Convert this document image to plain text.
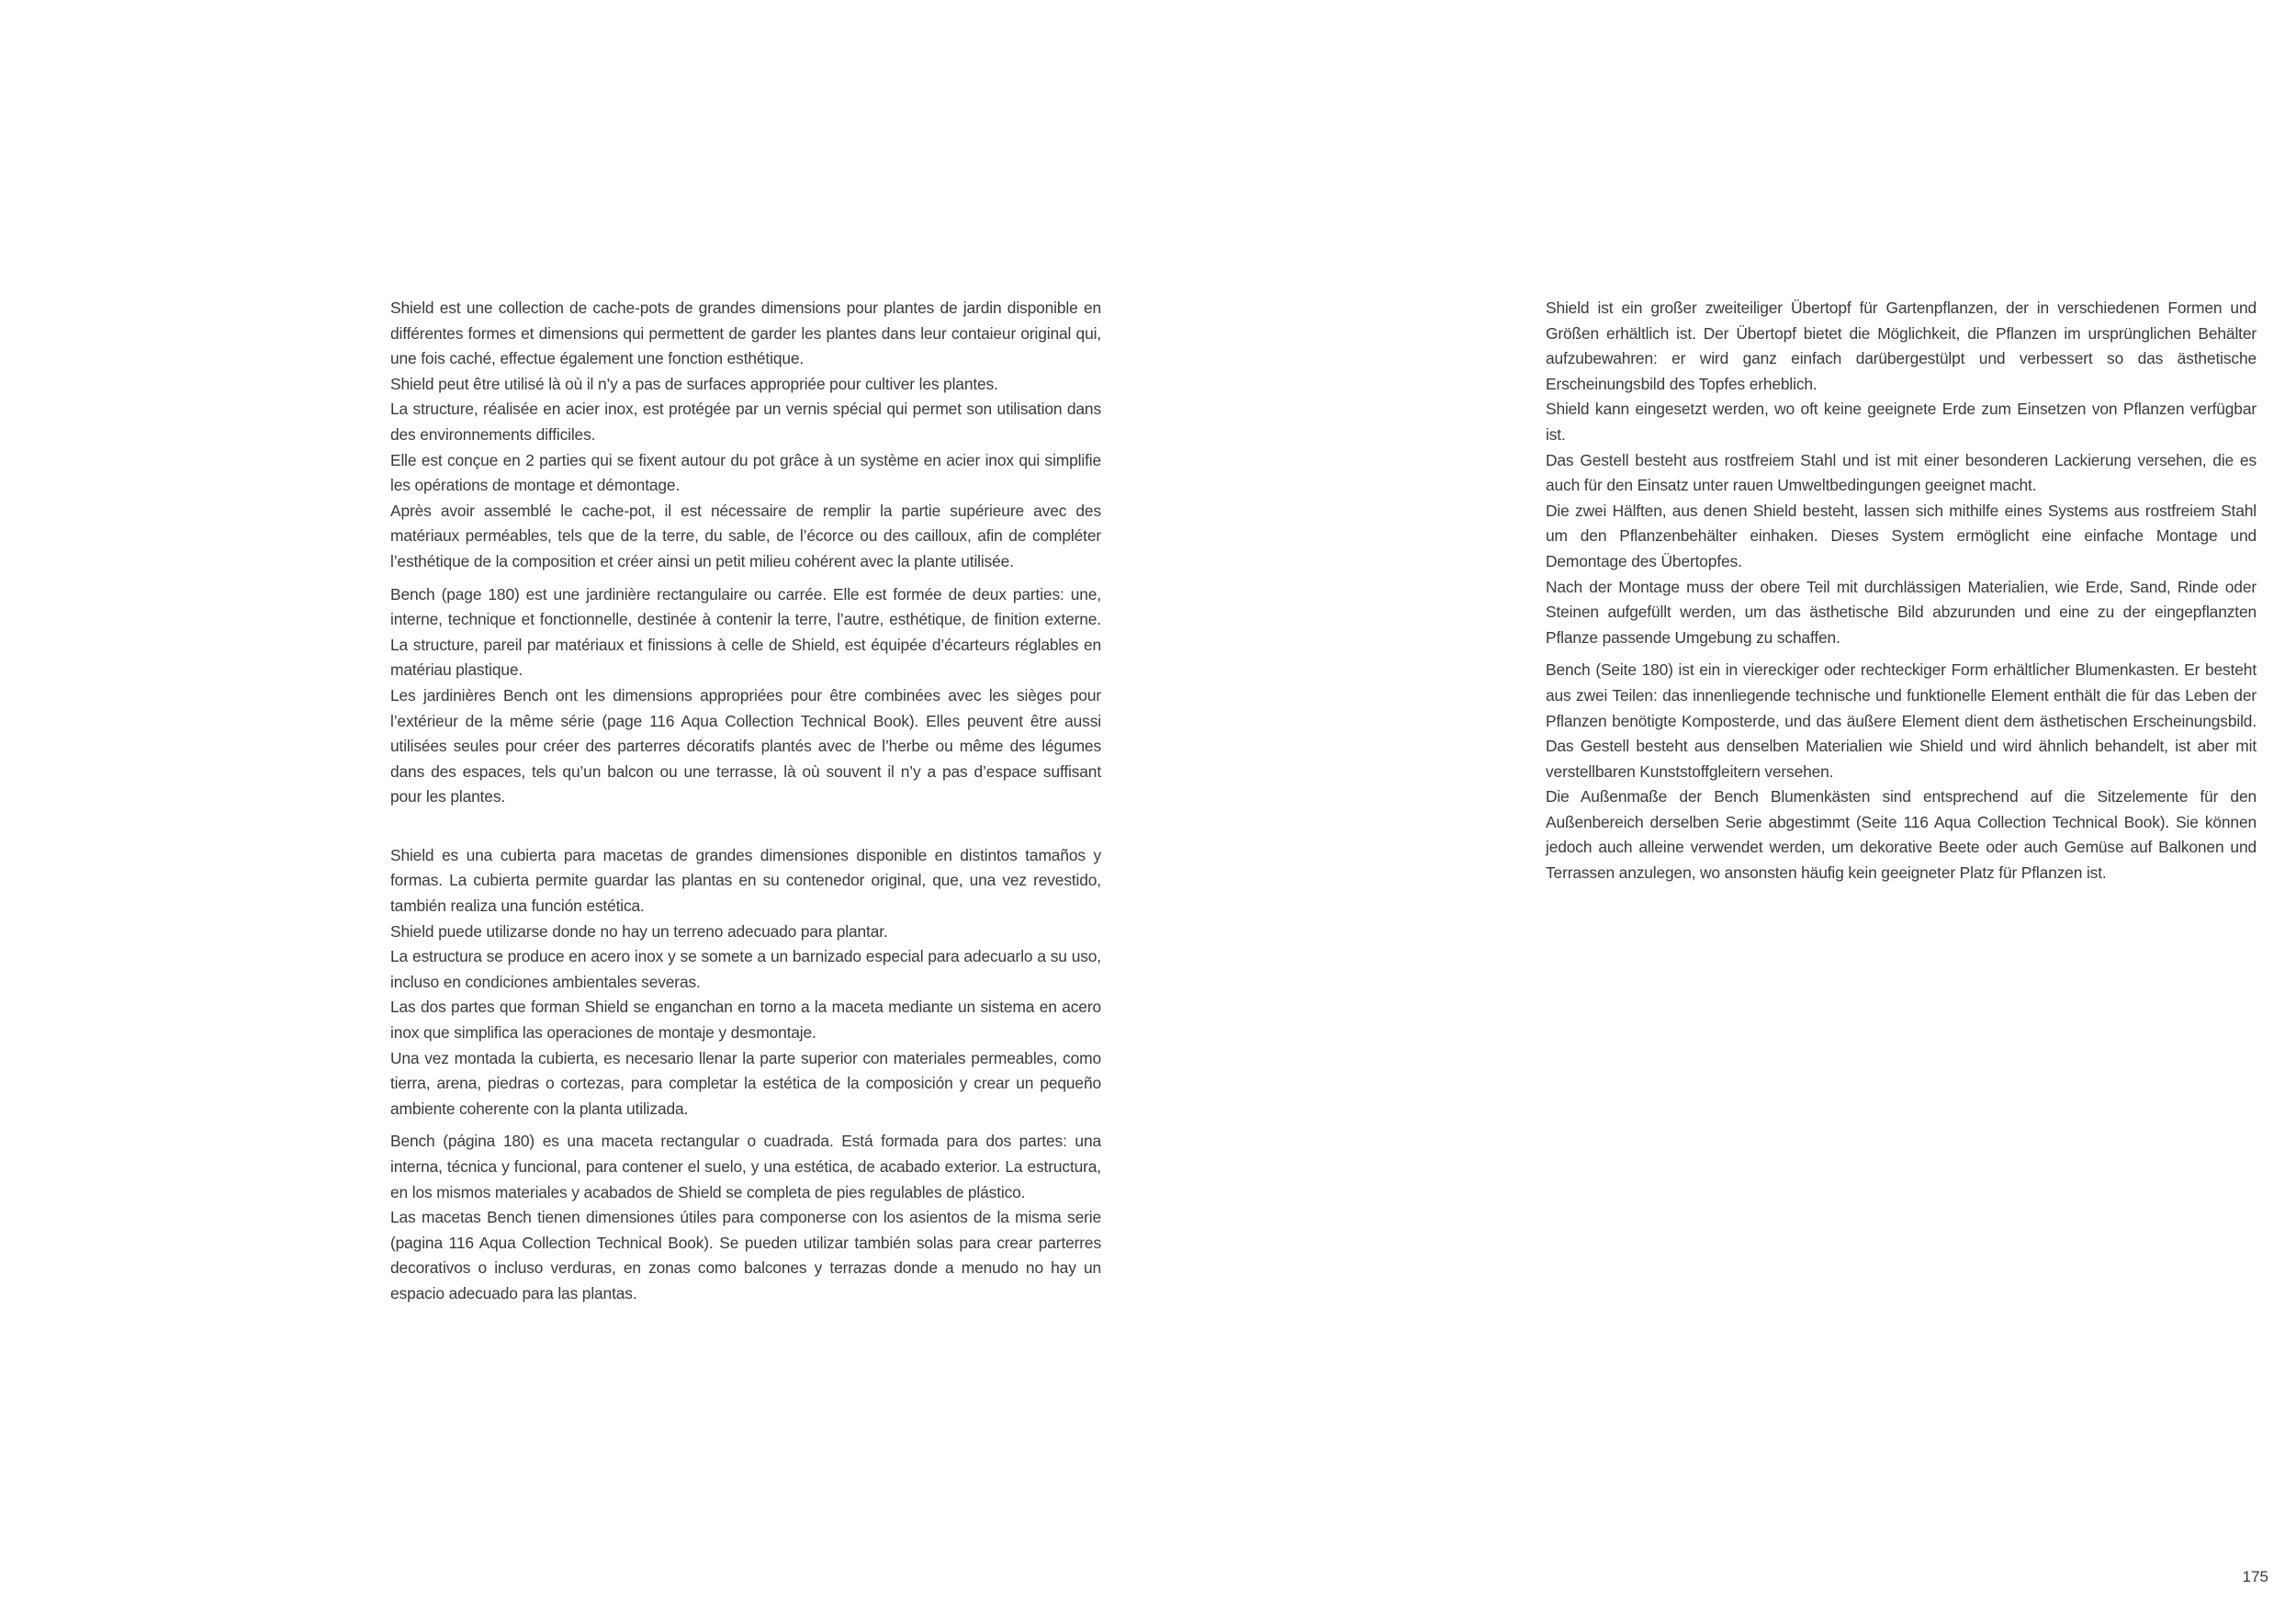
Shield est une collection de cache-pots de grandes dimensions pour plantes de jardin disponible en différentes formes et dimensions qui permettent de garder les plantes dans leur contaieur original qui, une fois caché, effectue également une fonction esthétique.

Shield peut être utilisé là où il n’y a pas de surfaces appropriée pour cultiver les plantes.

La structure, réalisée en acier inox, est protégée par un vernis spécial qui permet son utilisation dans des environnements difficiles.

Elle est conçue en 2 parties qui se fixent autour du pot grâce à un système en acier inox qui simplifie les opérations de montage et démontage.

Après avoir assemblé le cache-pot, il est nécessaire de remplir la partie supérieure avec des matériaux perméables, tels que de la terre, du sable, de l’écorce ou des cailloux, afin de compléter l’esthétique de la composition et créer ainsi un petit milieu cohérent avec la plante utilisée.

Bench (page 180) est une jardinière rectangulaire ou carrée. Elle est formée de deux parties: une, interne, technique et fonctionnelle, destinée à contenir la terre, l’autre, esthétique, de finition externe. La structure, pareil par matériaux et finissions à celle de Shield, est équipée d’écarteurs réglables en matériau plastique.

Les jardinières Bench ont les dimensions appropriées pour être combinées avec les sièges pour l’extérieur de la même série (page 116 Aqua Collection Technical Book). Elles peuvent être aussi utilisées seules pour créer des parterres décoratifs plantés avec de l’herbe ou même des légumes dans des espaces, tels qu’un balcon ou une terrasse, là où souvent il n’y a pas d’espace suffisant pour les plantes.

Shield es una cubierta para macetas de grandes dimensiones disponible en distintos tamaños y formas. La cubierta permite guardar las plantas en su contenedor original, que, una vez revestido, también realiza una función estética.

Shield puede utilizarse donde no hay un terreno adecuado para plantar.

La estructura se produce en acero inox y se somete a un barnizado especial para adecuarlo a su uso, incluso en condiciones ambientales severas.

Las dos partes que forman Shield se enganchan en torno a la maceta mediante un sistema en acero inox que simplifica las operaciones de montaje y desmontaje.

Una vez montada la cubierta, es necesario llenar la parte superior con materiales permeables, como tierra, arena, piedras o cortezas, para completar la estética de la composición y crear un pequeño ambiente coherente con la planta utilizada.

Bench (página 180) es una maceta rectangular o cuadrada. Está formada para dos partes: una interna, técnica y funcional, para contener el suelo, y una estética, de acabado exterior. La estructura, en los mismos materiales y acabados de Shield se completa de pies regulables de plástico.

Las macetas Bench tienen dimensiones útiles para componerse con los asientos de la misma serie (pagina 116 Aqua Collection Technical Book). Se pueden utilizar también solas para crear parterres decorativos o incluso verduras, en zonas como balcones y terrazas donde a menudo no hay un espacio adecuado para las plantas.

Shield ist ein großer zweiteiliger Übertopf für Gartenpflanzen, der in verschiedenen Formen und Größen erhältlich ist. Der Übertopf bietet die Möglichkeit, die Pflanzen im ursprünglichen Behälter aufzubewahren: er wird ganz einfach darübergestülpt und verbessert so das ästhetische Erscheinungsbild des Topfes erheblich.

Shield kann eingesetzt werden, wo oft keine geeignete Erde zum Einsetzen von Pflanzen verfügbar ist.

Das Gestell besteht aus rostfreiem Stahl und ist mit einer besonderen Lackierung versehen, die es auch für den Einsatz unter rauen Umweltbedingungen geeignet macht.

Die zwei Hälften, aus denen Shield besteht, lassen sich mithilfe eines Systems aus rostfreiem Stahl um den Pflanzenbehälter einhaken. Dieses System ermöglicht eine einfache Montage und Demontage des Übertopfes.

Nach der Montage muss der obere Teil mit durchlässigen Materialien, wie Erde, Sand, Rinde oder Steinen aufgefüllt werden, um das ästhetische Bild abzurunden und eine zu der eingepflanzten Pflanze passende Umgebung zu schaffen.

Bench (Seite 180) ist ein in viereckiger oder rechteckiger Form erhältlicher Blumenkasten. Er besteht aus zwei Teilen: das innenliegende technische und funktionelle Element enthält die für das Leben der Pflanzen benötigte Komposterde, und das äußere Element dient dem ästhetischen Erscheinungsbild. Das Gestell besteht aus denselben Materialien wie Shield und wird ähnlich behandelt, ist aber mit verstellbaren Kunststoffgleitern versehen.

Die Außenmaße der Bench Blumenkästen sind entsprechend auf die Sitzelemente für den Außenbereich derselben Serie abgestimmt (Seite 116 Aqua Collection Technical Book). Sie können jedoch auch alleine verwendet werden, um dekorative Beete oder auch Gemüse auf Balkonen und Terrassen anzulegen, wo ansonsten häufig kein geeigneter Platz für Pflanzen ist.

175
